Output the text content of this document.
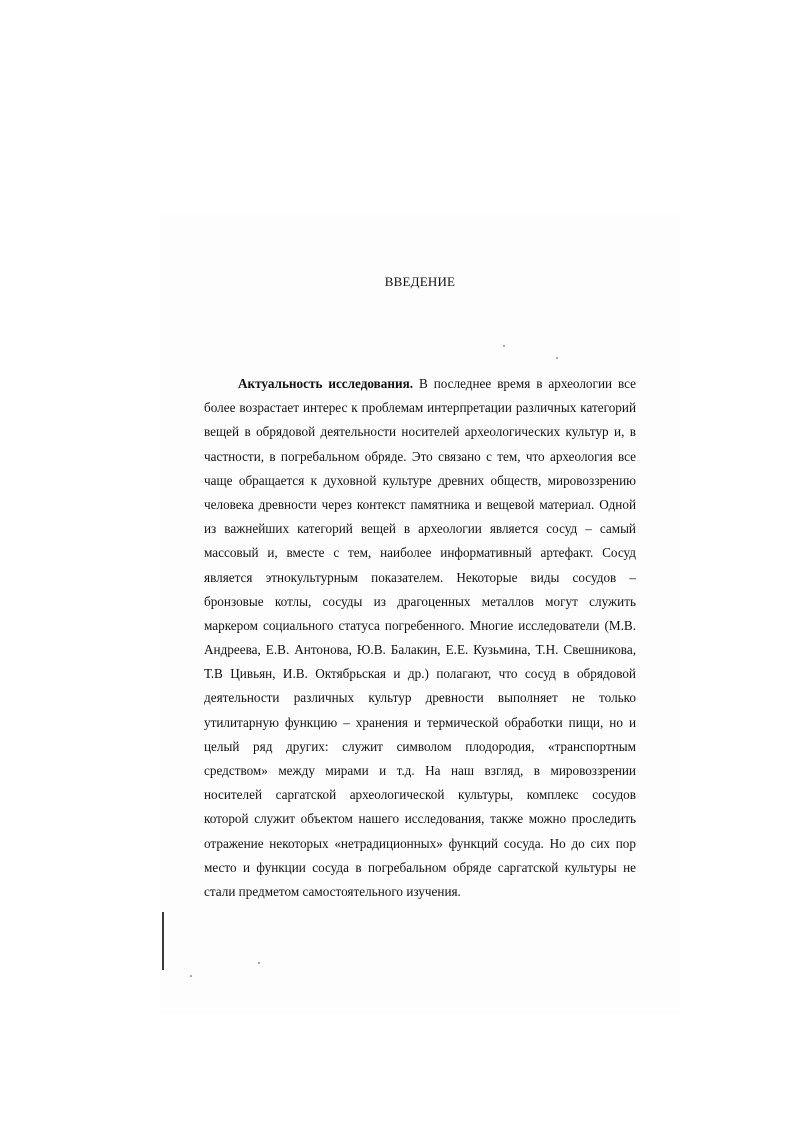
ВВЕДЕНИЕ
Актуальность исследования. В последнее время в археологии все
более возрастает интерес к проблемам интерпретации различных категорий
вещей в обрядовой деятельности носителей археологических культур и, в
частности, в погребальном обряде. Это связано с тем, что археология все
чаще обращается к духовной культуре древних обществ, мировоззрению
человека древности через контекст памятника и вещевой материал. Одной
из важнейших категорий вещей в археологии является сосуд – самый
массовый и, вместе с тем, наиболее информативный артефакт. Сосуд
является этнокультурным показателем. Некоторые виды сосудов –
бронзовые котлы, сосуды из драгоценных металлов могут служить
маркером социального статуса погребенного. Многие исследователи (М.В.
Андреева, Е.В. Антонова, Ю.В. Балакин, Е.Е. Кузьмина, Т.Н. Свешникова,
Т.В Цивьян, И.В. Октябрьская и др.) полагают, что сосуд в обрядовой
деятельности различных культур древности выполняет не только
утилитарную функцию – хранения и термической обработки пищи, но и
целый ряд других: служит символом плодородия, «транспортным
средством» между мирами и т.д. На наш взгляд, в мировоззрении
носителей саргатской археологической культуры, комплекс сосудов
которой служит объектом нашего исследования, также можно проследить
отражение некоторых «нетрадиционных» функций сосуда. Но до сих пор
место и функции сосуда в погребальном обряде саргатской культуры не
стали предметом самостоятельного изучения.
